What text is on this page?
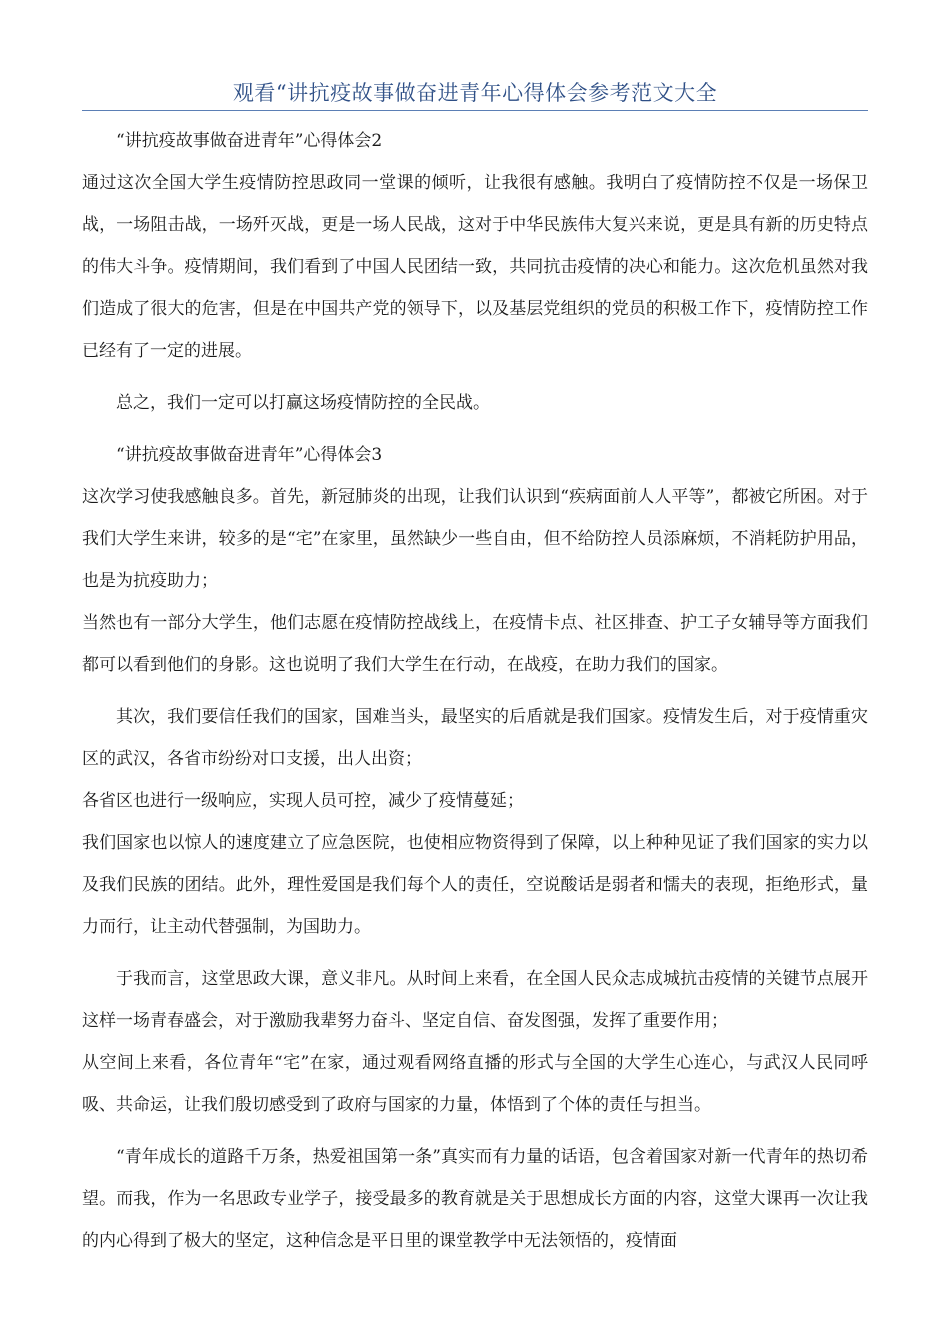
观看“讲抗疫故事做奋进青年心得体会参考范文大全

“讲抗疫故事做奋进青年”心得体会2

通过这次全国大学生疫情防控思政同一堂课的倾听，让我很有感触。我明白了疫情防控不仅是一场保卫战，一场阻击战，一场歼灭战，更是一场人民战，这对于中华民族伟大复兴来说，更是具有新的历史特点的伟大斗争。疫情期间，我们看到了中国人民团结一致，共同抗击疫情的决心和能力。这次危机虽然对我们造成了很大的危害，但是在中国共产党的领导下，以及基层党组织的党员的积极工作下，疫情防控工作已经有了一定的进展。

总之，我们一定可以打赢这场疫情防控的全民战。

“讲抗疫故事做奋进青年”心得体会3

这次学习使我感触良多。首先，新冠肺炎的出现，让我们认识到“疾病面前人人平等”，都被它所困。对于我们大学生来讲，较多的是“宅”在家里，虽然缺少一些自由，但不给防控人员添麻烦，不消耗防护用品，也是为抗疫助力；

当然也有一部分大学生，他们志愿在疫情防控战线上，在疫情卡点、社区排查、护工子女辅导等方面我们都可以看到他们的身影。这也说明了我们大学生在行动，在战疫，在助力我们的国家。

其次，我们要信任我们的国家，国难当头，最坚实的后盾就是我们国家。疫情发生后，对于疫情重灾区的武汉，各省市纷纷对口支援，出人出资；

各省区也进行一级响应，实现人员可控，减少了疫情蔓延；

我们国家也以惊人的速度建立了应急医院，也使相应物资得到了保障，以上种种见证了我们国家的实力以及我们民族的团结。此外，理性爱国是我们每个人的责任，空说酸话是弱者和懦夫的表现，拒绝形式，量力而行，让主动代替强制，为国助力。

于我而言，这堂思政大课，意义非凡。从时间上来看，在全国人民众志成城抗击疫情的关键节点展开这样一场青春盛会，对于激励我辈努力奋斗、坚定自信、奋发图强，发挥了重要作用；

从空间上来看，各位青年“宅”在家，通过观看网络直播的形式与全国的大学生心连心，与武汉人民同呼吸、共命运，让我们殷切感受到了政府与国家的力量，体悟到了个体的责任与担当。

“青年成长的道路千万条，热爱祖国第一条”真实而有力量的话语，包含着国家对新一代青年的热切希望。而我，作为一名思政专业学子，接受最多的教育就是关于思想成长方面的内容，这堂大课再一次让我的内心得到了极大的坚定，这种信念是平日里的课堂教学中无法领悟的，疫情面
